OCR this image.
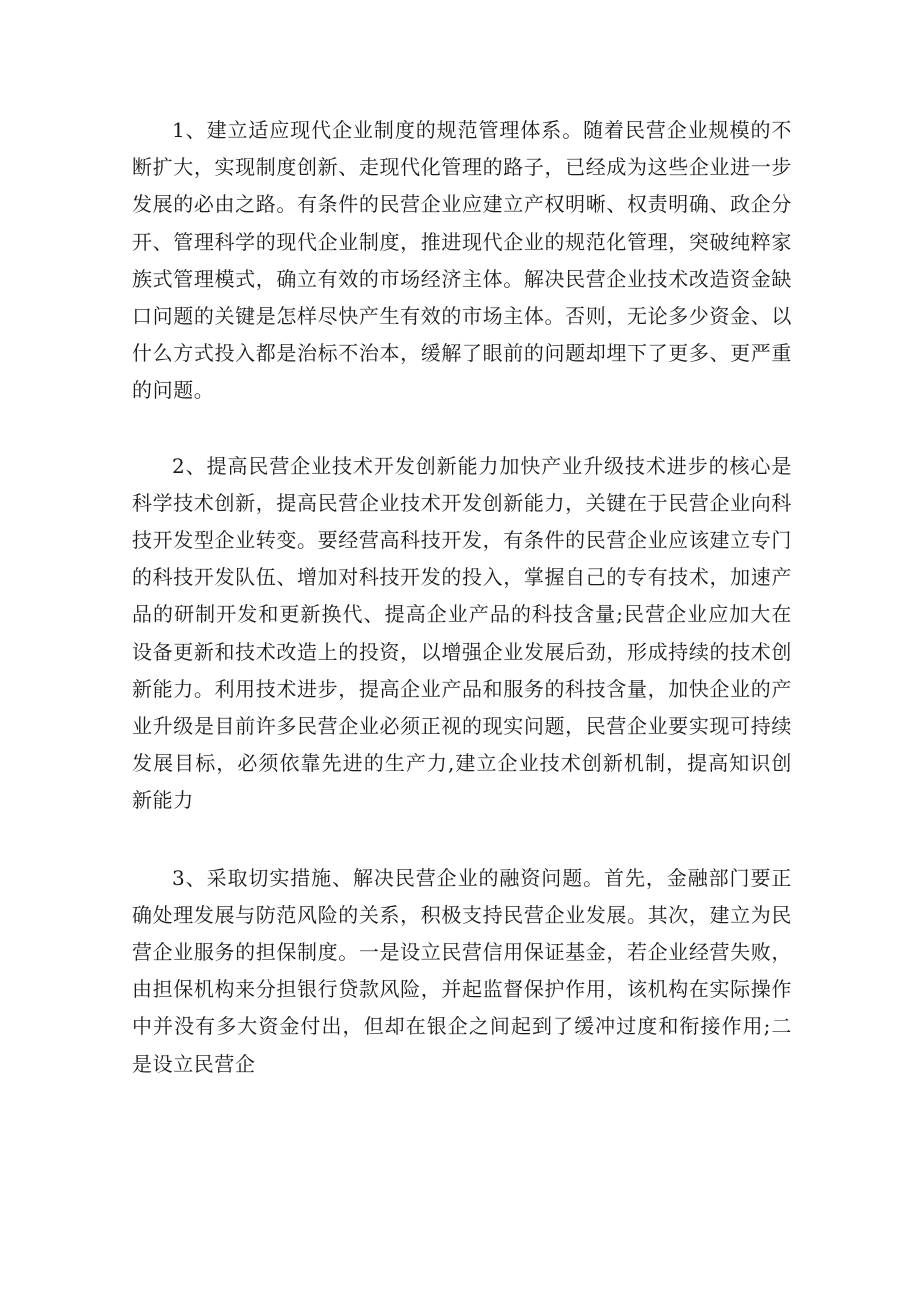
1、建立适应现代企业制度的规范管理体系。随着民营企业规模的不断扩大，实现制度创新、走现代化管理的路子，已经成为这些企业进一步发展的必由之路。有条件的民营企业应建立产权明晰、权责明确、政企分开、管理科学的现代企业制度，推进现代企业的规范化管理，突破纯粹家族式管理模式，确立有效的市场经济主体。解决民营企业技术改造资金缺口问题的关键是怎样尽快产生有效的市场主体。否则，无论多少资金、以什么方式投入都是治标不治本，缓解了眼前的问题却埋下了更多、更严重的问题。

2、提高民营企业技术开发创新能力加快产业升级技术进步的核心是科学技术创新，提高民营企业技术开发创新能力，关键在于民营企业向科技开发型企业转变。要经营高科技开发，有条件的民营企业应该建立专门的科技开发队伍、增加对科技开发的投入，掌握自己的专有技术，加速产品的研制开发和更新换代、提高企业产品的科技含量;民营企业应加大在设备更新和技术改造上的投资，以增强企业发展后劲，形成持续的技术创新能力。利用技术进步，提高企业产品和服务的科技含量，加快企业的产业升级是目前许多民营企业必须正视的现实问题，民营企业要实现可持续发展目标，必须依靠先进的生产力,建立企业技术创新机制，提高知识创新能力

3、采取切实措施、解决民营企业的融资问题。首先，金融部门要正确处理发展与防范风险的关系，积极支持民营企业发展。其次，建立为民营企业服务的担保制度。一是设立民营信用保证基金，若企业经营失败，由担保机构来分担银行贷款风险，并起监督保护作用，该机构在实际操作中并没有多大资金付出，但却在银企之间起到了缓冲过度和衔接作用;二是设立民营企
